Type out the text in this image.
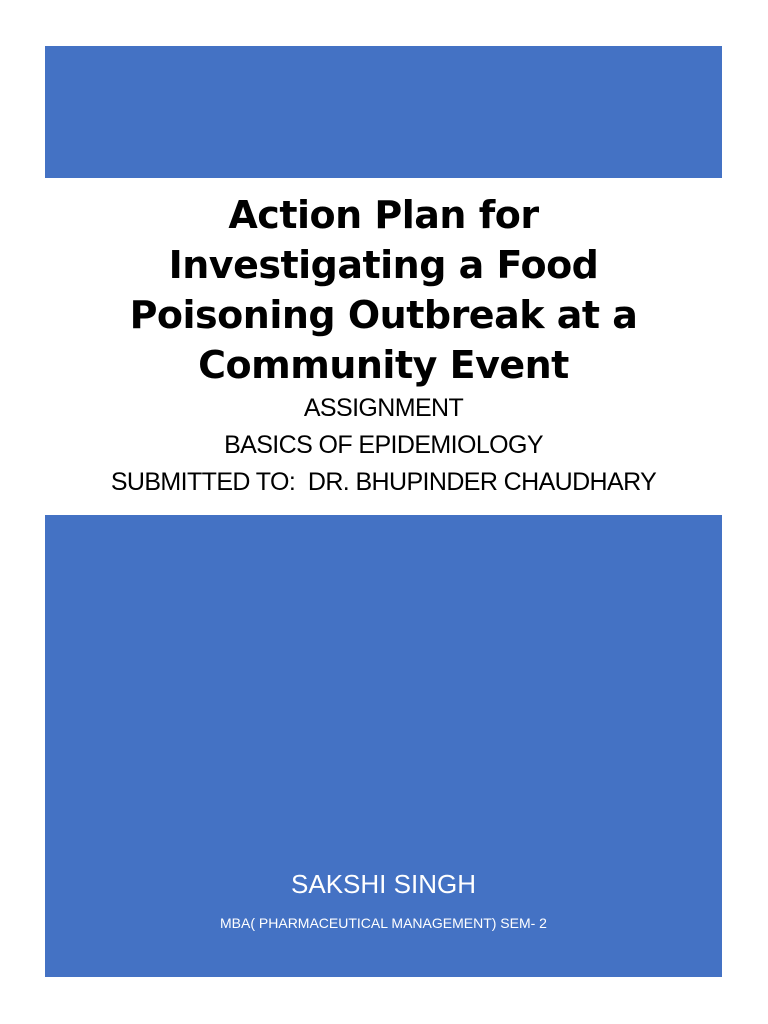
Action Plan for
Investigating a Food
Poisoning Outbreak at a
Community Event

ASSIGNMENT

BASICS OF EPIDEMIOLOGY

SUBMITTED TO:  DR. BHUPINDER CHAUDHARY

SAKSHI SINGH
MBA( PHARMACEUTICAL MANAGEMENT) SEM- 2
